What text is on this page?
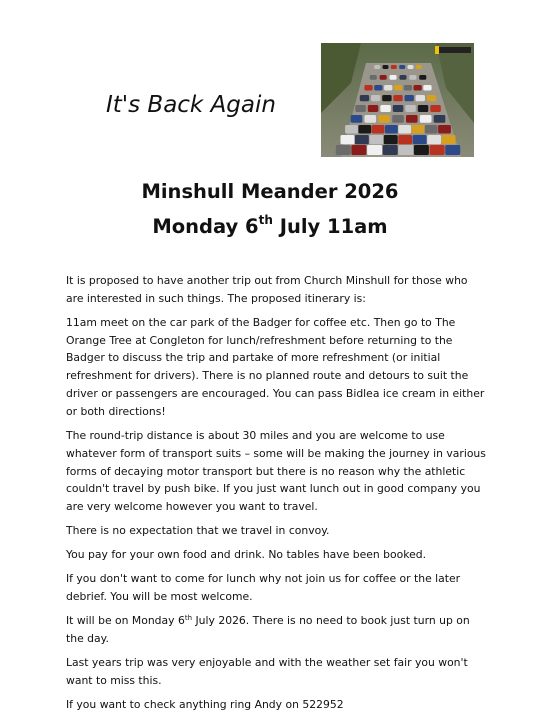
It's Back Again
Minshull Meander 2026
Monday 6th July 11am

It is proposed to have another trip out from Church Minshull for those who are interested in such things. The proposed itinerary is:

11am meet on the car park of the Badger for coffee etc. Then go to The Orange Tree at Congleton for lunch/refreshment before returning to the Badger to discuss the trip and partake of more refreshment (or initial refreshment for drivers). There is no planned route and detours to suit the driver or passengers are encouraged. You can pass Bidlea ice cream in either or both directions!

The round-trip distance is about 30 miles and you are welcome to use whatever form of transport suits – some will be making the journey in various forms of decaying motor transport but there is no reason why the athletic couldn't travel by push bike. If you just want lunch out in good company you are very welcome however you want to travel.

There is no expectation that we travel in convoy.

You pay for your own food and drink. No tables have been booked.

If you don't want to come for lunch why not join us for coffee or the later debrief. You will be most welcome.

It will be on Monday 6th July 2026. There is no need to book just turn up on the day.

Last years trip was very enjoyable and with the weather set fair you won't want to miss this.

If you want to check anything ring Andy on 522952
